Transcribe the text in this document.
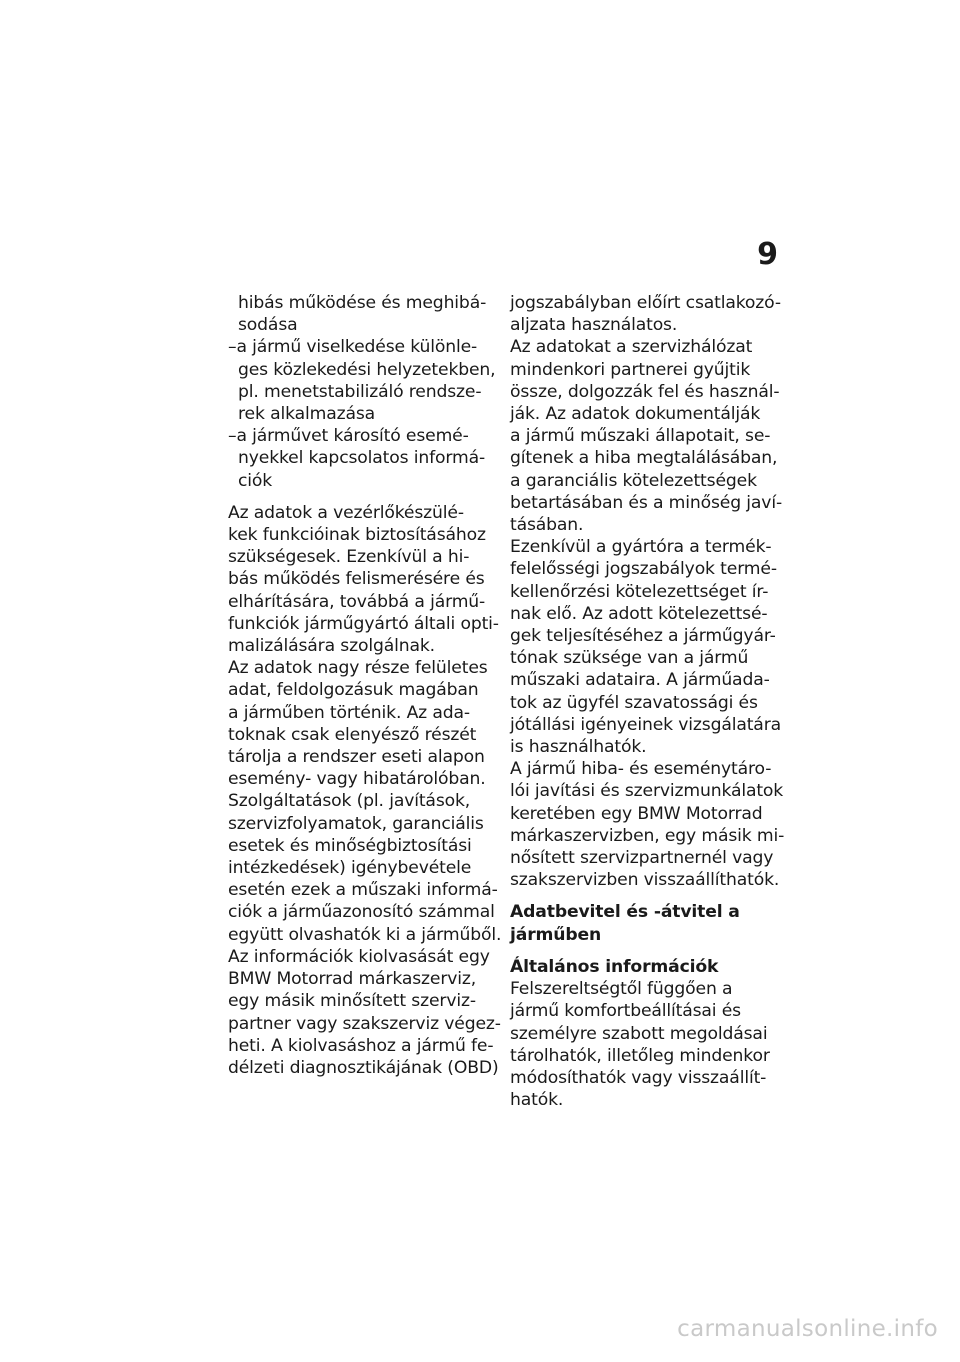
9
hibás működése és meghibá-
sodása
–a jármű viselkedése különle-
ges közlekedési helyzetekben,
pl. menetstabilizáló rendsze-
rek alkalmazása
–a járművet károsító esemé-
nyekkel kapcsolatos informá-
ciók
Az adatok a vezérlőkészülé-
kek funkcióinak biztosításához
szükségesek. Ezenkívül a hi-
bás működés felismerésére és
elhárítására, továbbá a jármű-
funkciók járműgyártó általi opti-
malizálására szolgálnak.
Az adatok nagy része felületes
adat, feldolgozásuk magában
a járműben történik. Az ada-
toknak csak elenyésző részét
tárolja a rendszer eseti alapon
esemény- vagy hibatárolóban.
Szolgáltatások (pl. javítások,
szervizfolyamatok, garanciális
esetek és minőségbiztosítási
intézkedések) igénybevétele
esetén ezek a műszaki informá-
ciók a járműazonosító számmal
együtt olvashatók ki a járműből.
Az információk kiolvasását egy
BMW Motorrad márkaszerviz,
egy másik minősített szerviz-
partner vagy szakszerviz végez-
heti. A kiolvasáshoz a jármű fe-
délzeti diagnosztikájának (OBD)
jogszabályban előírt csatlakozó-
aljzata használatos.
Az adatokat a szervizhálózat
mindenkori partnerei gyűjtik
össze, dolgozzák fel és használ-
ják. Az adatok dokumentálják
a jármű műszaki állapotait, se-
gítenek a hiba megtalálásában,
a garanciális kötelezettségek
betartásában és a minőség javí-
tásában.
Ezenkívül a gyártóra a termék-
felelősségi jogszabályok termé-
kellenőrzési kötelezettséget ír-
nak elő. Az adott kötelezettsé-
gek teljesítéséhez a járműgyár-
tónak szüksége van a jármű
műszaki adataira. A járműada-
tok az ügyfél szavatossági és
jótállási igényeinek vizsgálatára
is használhatók.
A jármű hiba- és eseménytáro-
lói javítási és szervizmunkálatok
keretében egy BMW Motorrad
márkaszervizben, egy másik mi-
nősített szervizpartnernél vagy
szakszervizben visszaállíthatók.
Adatbevitel és -átvitel a
járműben
Általános információk
Felszereltségtől függően a
jármű komfortbeállításai és
személyre szabott megoldásai
tárolhatók, illetőleg mindenkor
módosíthatók vagy visszaállít-
hatók.
carmanualsonline.info
